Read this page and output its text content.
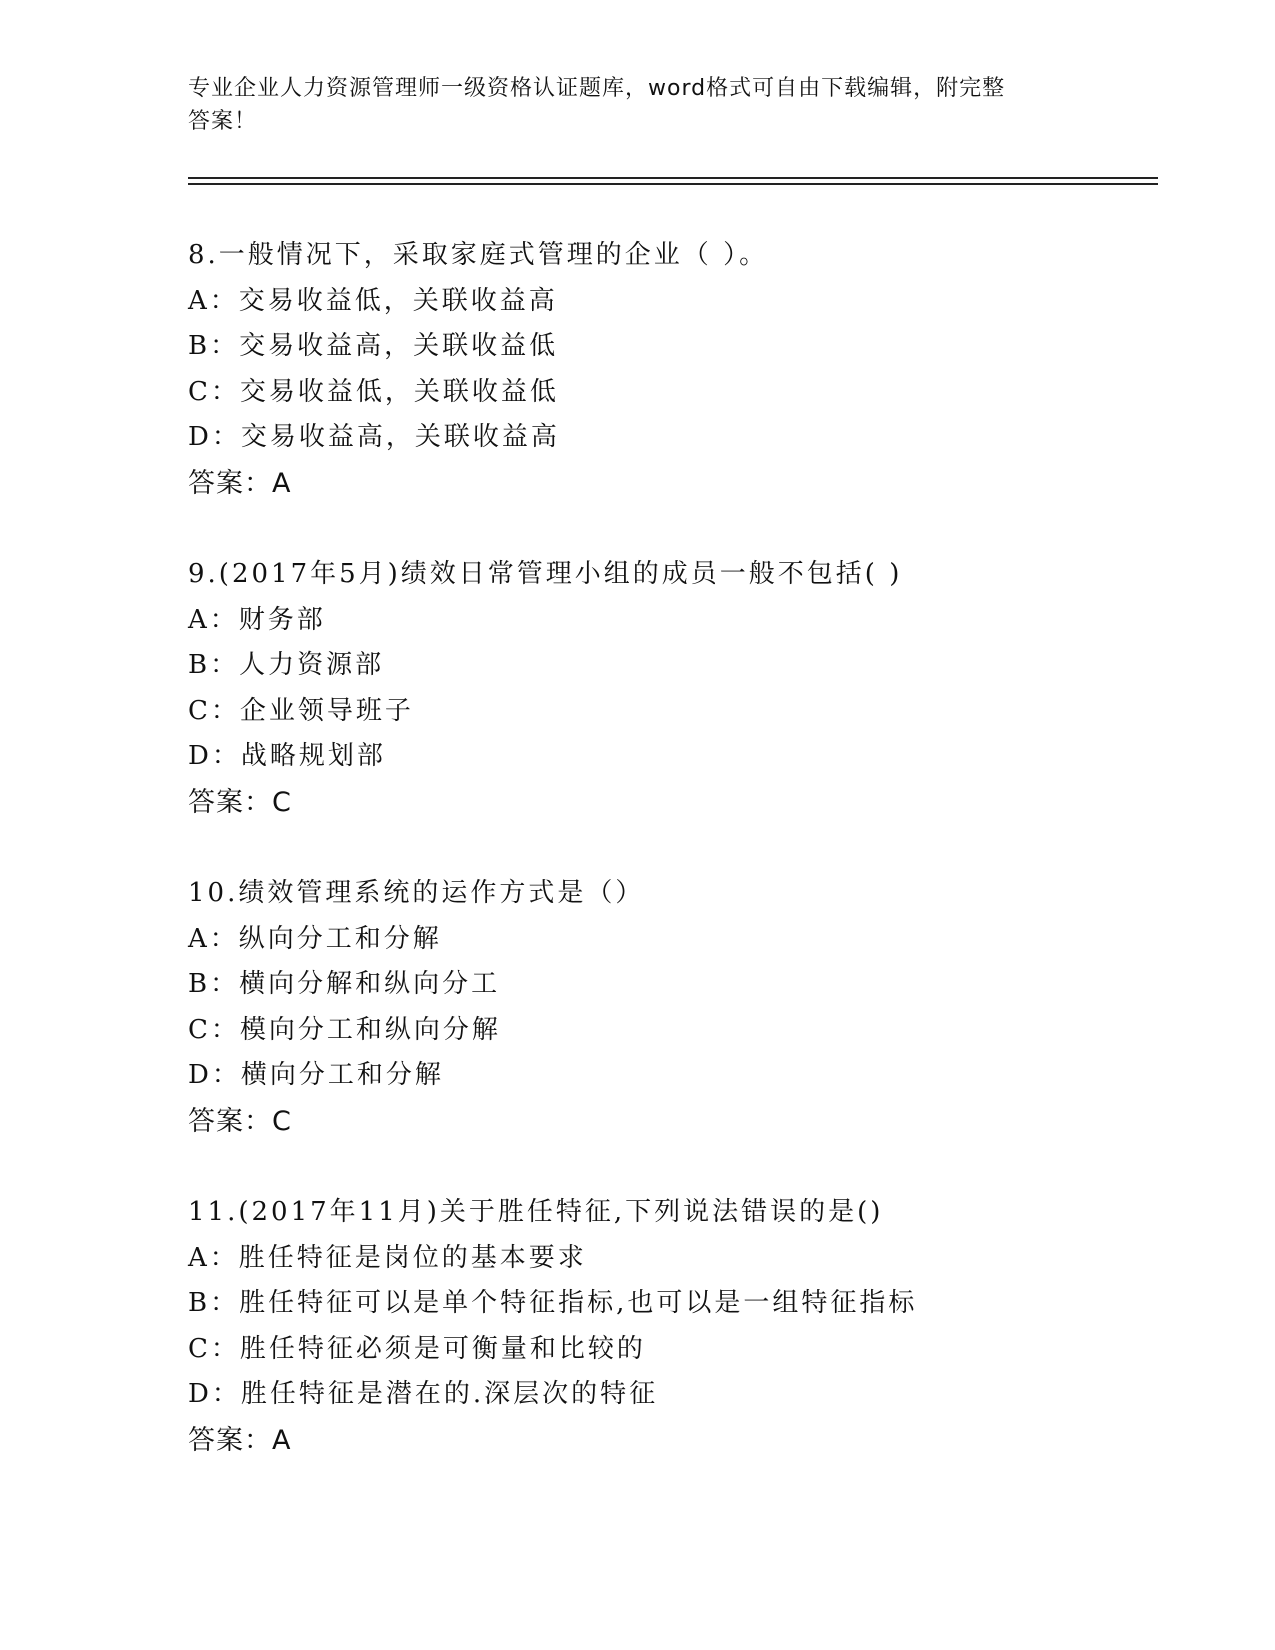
专业企业人力资源管理师一级资格认证题库，word格式可自由下载编辑，附完整
答案！
8.一般情况下，采取家庭式管理的企业（ ）。
A：交易收益低，关联收益高
B：交易收益高，关联收益低
C：交易收益低，关联收益低
D：交易收益高，关联收益高
答案：A
9.(2017年5月)绩效日常管理小组的成员一般不包括( )
A：财务部
B：人力资源部
C：企业领导班子
D：战略规划部
答案：C
10.绩效管理系统的运作方式是（）
A：纵向分工和分解
B：横向分解和纵向分工
C：模向分工和纵向分解
D：横向分工和分解
答案：C
11.(2017年11月)关于胜任特征,下列说法错误的是()
A：胜任特征是岗位的基本要求
B：胜任特征可以是单个特征指标,也可以是一组特征指标
C：胜任特征必须是可衡量和比较的
D：胜任特征是潜在的.深层次的特征
答案：A
